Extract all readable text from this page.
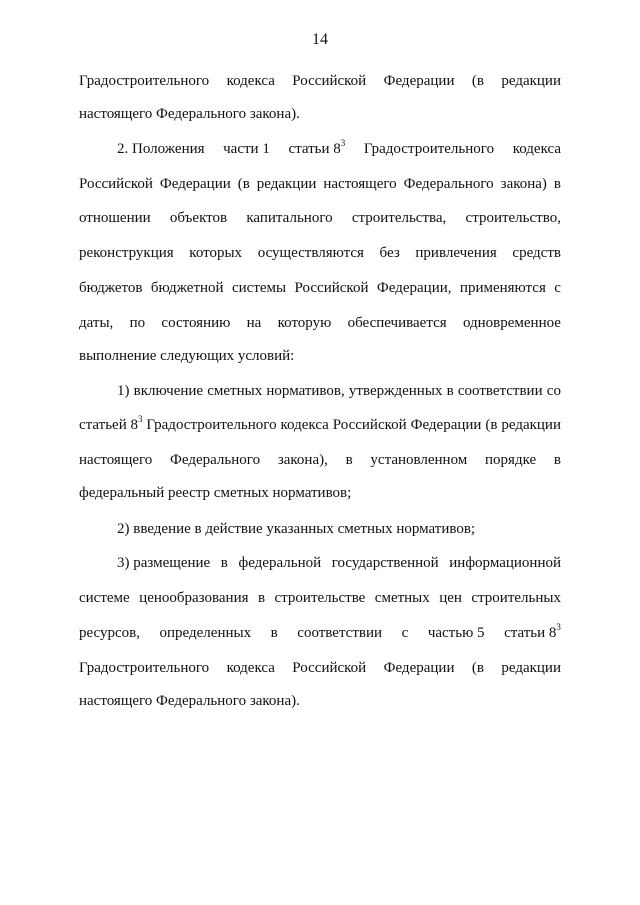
14
Градостроительного кодекса Российской Федерации (в редакции
настоящего Федерального закона).
2. Положения части 1 статьи $8^3$ Градостроительного кодекса
Российской Федерации (в редакции настоящего Федерального закона) в
отношении объектов капитального строительства, строительство,
реконструкция которых осуществляются без привлечения средств
бюджетов бюджетной системы Российской Федерации, применяются с
даты, по состоянию на которую обеспечивается одновременное
выполнение следующих условий:
1) включение сметных нормативов, утвержденных в соответствии со
статьей $8^3$ Градостроительного кодекса Российской Федерации (в редакции
настоящего Федерального закона), в установленном порядке в
федеральный реестр сметных нормативов;
2) введение в действие указанных сметных нормативов;
3) размещение в федеральной государственной информационной
системе ценообразования в строительстве сметных цен строительных
ресурсов, определенных в соответствии с частью 5 статьи $8^3$
Градостроительного кодекса Российской Федерации (в редакции
настоящего Федерального закона).
